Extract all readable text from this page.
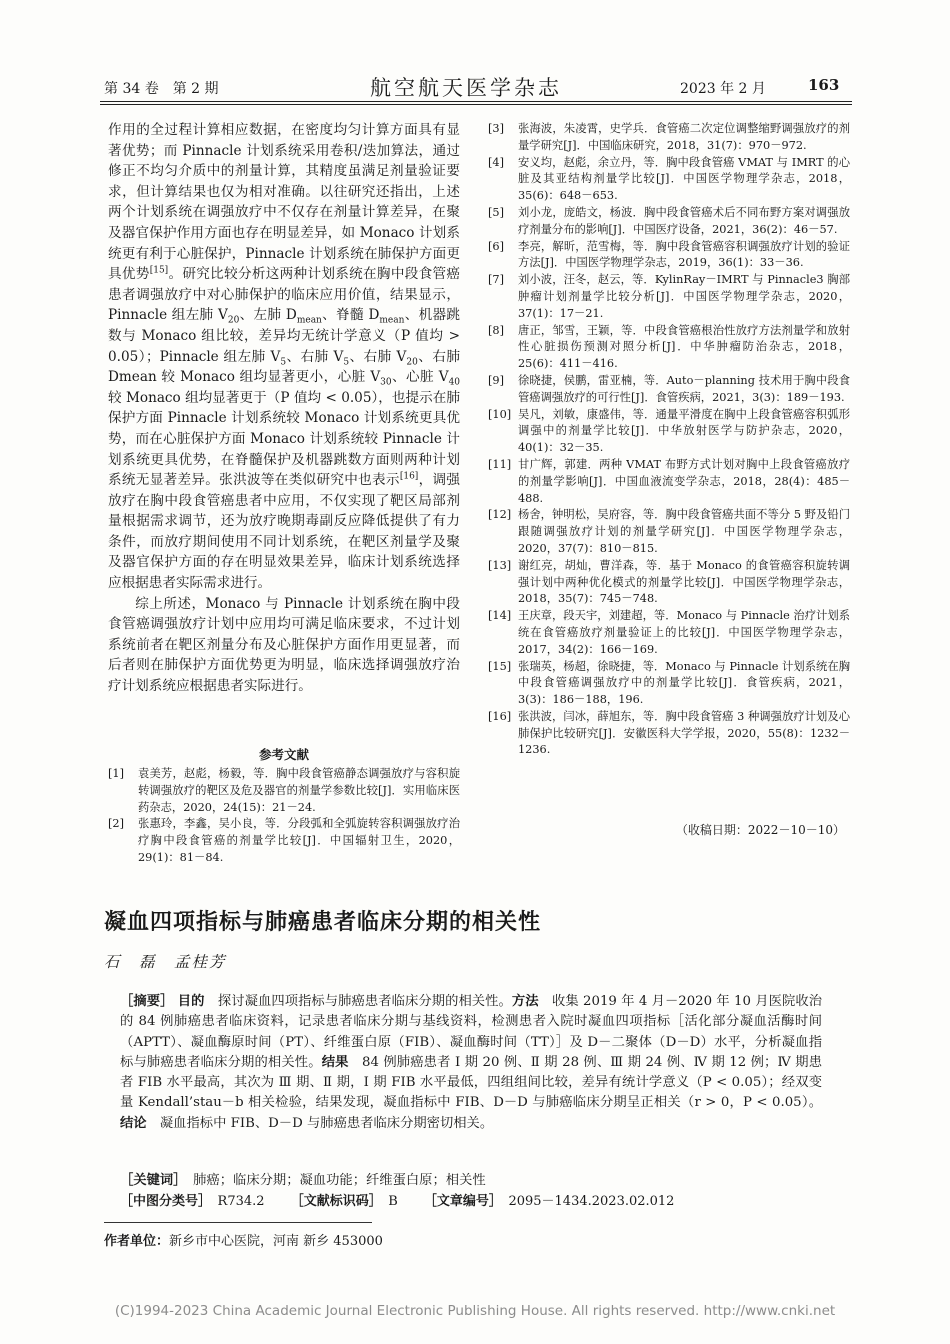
第 34 卷　第 2 期	航空航天医学杂志	2023 年 2 月	163

作用的全过程计算相应数据，在密度均匀计算方面具有显著优势；而 Pinnacle 计划系统采用卷积/迭加算法，通过修正不均匀介质中的剂量计算，其精度虽满足剂量验证要求，但计算结果也仅为相对准确。以往研究还指出，上述两个计划系统在调强放疗中不仅存在剂量计算差异，在聚及器官保护作用方面也存在明显差异，如 Monaco 计划系统更有利于心脏保护，Pinnacle 计划系统在肺保护方面更具优势[15]。研究比较分析这两种计划系统在胸中段食管癌患者调强放疗中对心肺保护的临床应用价值，结果显示，Pinnacle 组左肺 $V_{20}$、左肺 $D_{mean}$、脊髓 $D_{mean}$、机器跳数与 Monaco 组比较，差异均无统计学意义（P 值均 > 0.05）；Pinnacle 组左肺 $V_5$、右肺 $V_5$、右肺 $V_{20}$、右肺 Dmean 较 Monaco 组均显著更小，心脏 $V_{30}$、心脏 $V_{40}$较 Monaco 组均显著更于（P 值均 < 0.05），也提示在肺保护方面 Pinnacle 计划系统较 Monaco 计划系统更具优势，而在心脏保护方面 Monaco 计划系统较 Pinnacle 计划系统更具优势，在脊髓保护及机器跳数方面则两种计划系统无显著差异。张洪波等在类似研究中也表示[16]，调强放疗在胸中段食管癌患者中应用，不仅实现了靶区局部剂量根据需求调节，还为放疗晚期毒副反应降低提供了有力条件，而放疗期间使用不同计划系统，在靶区剂量学及聚及器官保护方面的存在明显效果差异，临床计划系统选择应根据患者实际需求进行。

综上所述，Monaco 与 Pinnacle 计划系统在胸中段食管癌调强放疗计划中应用均可满足临床要求，不过计划系统前者在靶区剂量分布及心脏保护方面作用更显著，而后者则在肺保护方面优势更为明显，临床选择调强放疗治疗计划系统应根据患者实际进行。

参考文献
[1]	袁美芳，赵彪，杨毅，等．胸中段食管癌静态调强放疗与容积旋转调强放疗的靶区及危及器官的剂量学参数比较[J]．实用临床医药杂志，2020，24(15)：21－24.
[2]	张惠玲，李鑫，吴小良，等．分段弧和全弧旋转容积调强放疗治疗胸中段食管癌的剂量学比较[J]．中国辐射卫生，2020，29(1)：81－84.
[3]	张海波，朱凌霄，史学兵．食管癌二次定位调整缩野调强放疗的剂量学研究[J]．中国临床研究，2018，31(7)：970－972.
[4]	安义均，赵彪，余立丹，等．胸中段食管癌 VMAT 与 IMRT 的心脏及其亚结构剂量学比较[J]．中国医学物理学杂志，2018，35(6)：648－653.
[5]	刘小龙，庞皓文，杨波．胸中段食管癌术后不同布野方案对调强放疗剂量分布的影响[J]．中国医疗设备，2021，36(2)：46－57.
[6]	李亮，解昕，范雪梅，等．胸中段食管癌容积调强放疗计划的验证方法[J]．中国医学物理学杂志，2019，36(1)：33－36.
[7]	刘小波，汪冬，赵云，等．KylinRay－IMRT 与 Pinnacle3 胸部肿瘤计划剂量学比较分析[J]．中国医学物理学杂志，2020，37(1)：17－21.
[8]	唐正，邹雪，王颖，等．中段食管癌根治性放疗方法剂量学和放射性心脏损伤预测对照分析[J]．中华肿瘤防治杂志，2018，25(6)：411－416.
[9]	徐晓捷，侯鹏，雷亚楠，等．Auto－planning 技术用于胸中段食管癌调强放疗的可行性[J]．食管疾病，2021，3(3)：189－193.
[10] 吴凡，刘敏，康盛伟，等．通量平滑度在胸中上段食管癌容积弧形调强中的剂量学比较[J]．中华放射医学与防护杂志，2020，40(1)：32－35.
[11] 甘广辉，郭建．两种 VMAT 布野方式计划对胸中上段食管癌放疗的剂量学影响[J]．中国血液流变学杂志，2018，28(4)：485－488.
[12] 杨舍，钟明松，吴府容，等．胸中段食管癌共面不等分 5 野及铅门跟随调强放疗计划的剂量学研究[J]．中国医学物理学杂志，2020，37(7)：810－815.
[13] 谢红亮，胡灿，曹洋森，等．基于 Monaco 的食管癌容积旋转调强计划中两种优化模式的剂量学比较[J]．中国医学物理学杂志，2018，35(7)：745－748.
[14] 王庆章，段天宇，刘建超，等．Monaco 与 Pinnacle 治疗计划系统在食管癌放疗剂量验证上的比较[J]．中国医学物理学杂志，2017，34(2)：166－169.
[15] 张瑞英，杨超，徐晓捷，等．Monaco 与 Pinnacle 计划系统在胸中段食管癌调强放疗中的剂量学比较[J]．食管疾病，2021，3(3)：186－188，196.
[16] 张洪波，闫冰，薛旭东，等．胸中段食管癌 3 种调强放疗计划及心肺保护比较研究[J]．安徽医科大学学报，2020，55(8)：1232－1236.
（收稿日期：2022－10－10）
凝血四项指标与肺癌患者临床分期的相关性
石　磊　孟桂芳
［摘要］ 目的　 探讨凝血四项指标与肺癌患者临床分期的相关性。方法　 收集 2019 年 4 月－2020 年 10 月医院收治的 84 例肺癌患者临床资料，记录患者临床分期与基线资料，检测患者入院时凝血四项指标［活化部分凝血活酶时间（APTT）、凝血酶原时间（PT）、纤维蛋白原（FIB）、凝血酶时间（TT）］及 D－二聚体（D－D）水平，分析凝血指标与肺癌患者临床分期的相关性。结果　 84 例肺癌患者 Ⅰ 期 20 例、Ⅱ 期 28 例、Ⅲ 期 24 例、Ⅳ 期 12 例；Ⅳ 期患者 FIB 水平最高，其次为 Ⅲ 期、Ⅱ 期，Ⅰ 期 FIB 水平最低，四组组间比较，差异有统计学意义（P < 0.05）；经双变量 Kendall’stau－b 相关检验，结果发现，凝血指标中 FIB、D－D 与肺癌临床分期呈正相关（r > 0，P < 0.05）。结论　 凝血指标中 FIB、D－D 与肺癌患者临床分期密切相关。
［关键词］　 肺癌；临床分期；凝血功能；纤维蛋白原；相关性
［中图分类号］　 R734.2 ［文献标识码］　 B ［文章编号］　 2095－1434.2023.02.012
作者单位：新乡市中心医院，河南 新乡 453000
(C)1994-2023 China Academic Journal Electronic Publishing House. All rights reserved. http://www.cnki.net
